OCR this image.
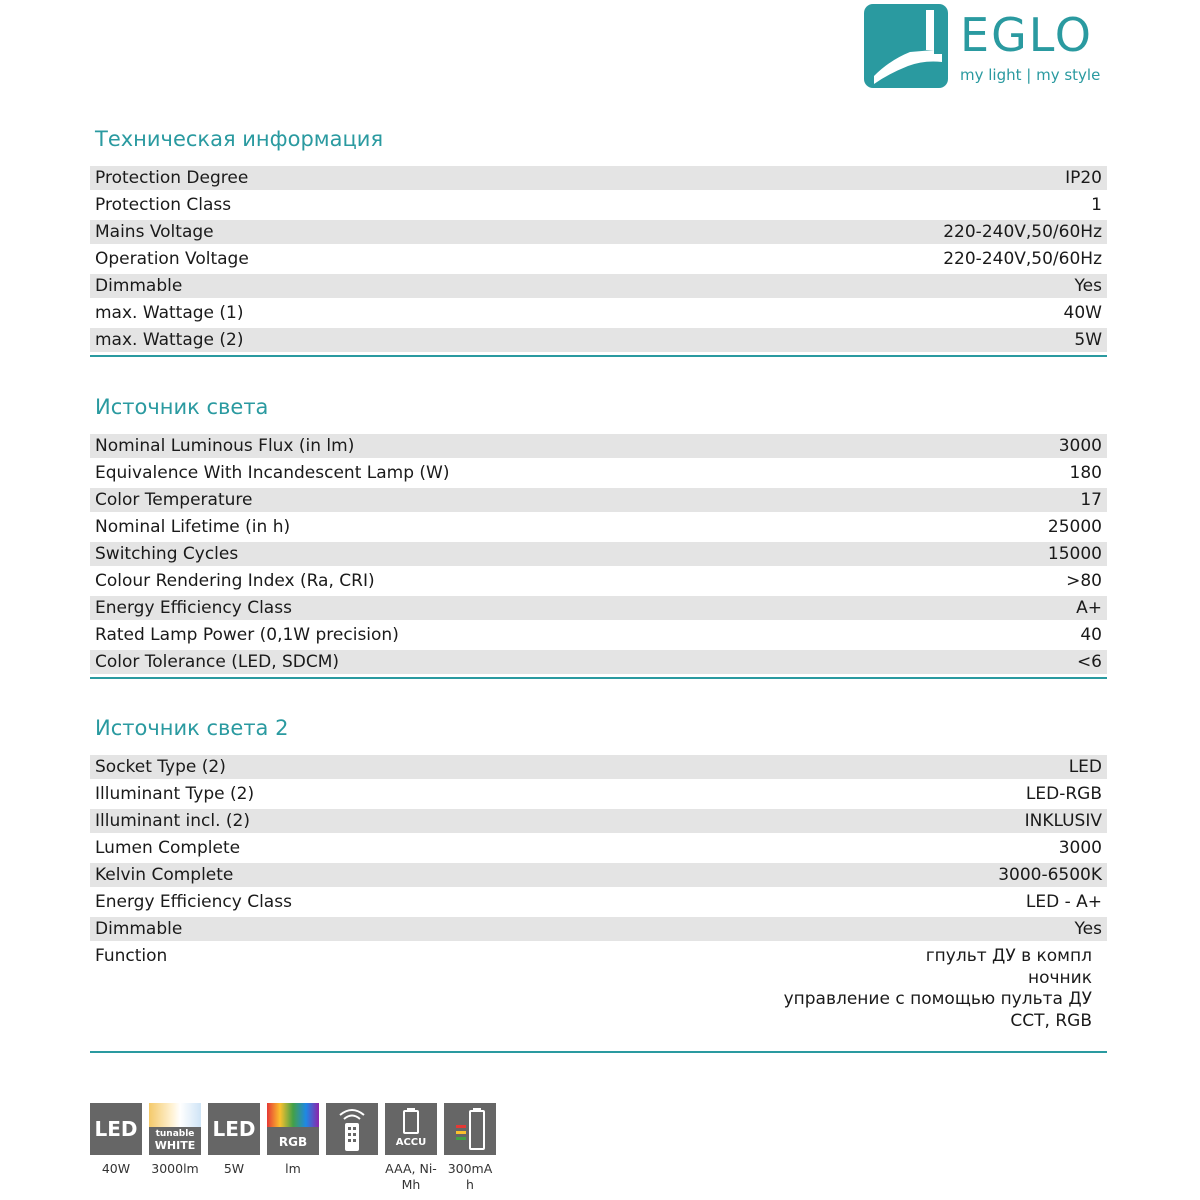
EGLO
my light | my style
Техническая информация
Protection Degree	IP20
Protection Class	1
Mains Voltage	220-240V,50/60Hz
Operation Voltage	220-240V,50/60Hz
Dimmable	Yes
max. Wattage (1)	40W
max. Wattage (2)	5W
Источник света
Nominal Luminous Flux (in lm)	3000
Equivalence With Incandescent Lamp (W)	180
Color Temperature	17
Nominal Lifetime (in h)	25000
Switching Cycles	15000
Colour Rendering Index (Ra, CRI)	>80
Energy Efficiency Class	A+
Rated Lamp Power (0,1W precision)	40
Color Tolerance (LED, SDCM)	<6
Источник света 2
Socket Type (2)	LED
Illuminant Type (2)	LED-RGB
Illuminant incl. (2)	INKLUSIV
Lumen Complete	3000
Kelvin Complete	3000-6500K
Energy Efficiency Class	LED - A+
Dimmable	Yes
Function	гпульт ДУ в компл
ночник
управление с помощью пульта ДУ
CCT, RGB
LED
40W
tunable
WHITE
3000lm
LED
5W
RGB
lm
ACCU
AAA, Ni-Mh
300mAh
